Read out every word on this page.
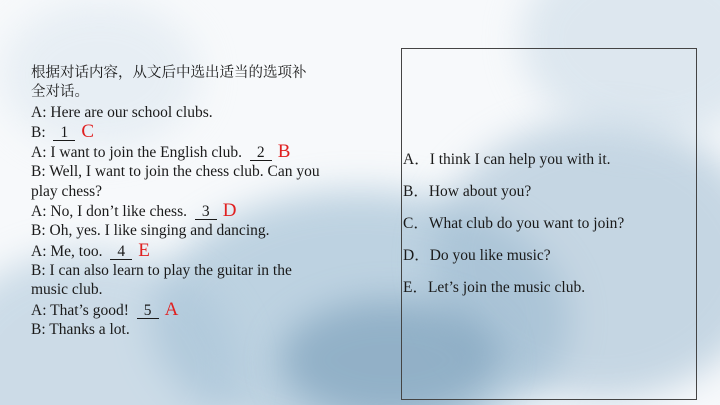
根据对话内容，从文后中选出适当的选项补
全对话。
A: Here are our school clubs.
B:  1 C
A: I want to join the English club.  2 B
B: Well, I want to join the chess club. Can you
play chess?
A: No, I don’t like chess.  3 D
B: Oh, yes. I like singing and dancing.
A: Me, too.  4 E
B: I can also learn to play the guitar in the
music club.
A: That’s good!  5 A
B: Thanks a lot.
A．I think I can help you with it.
B．How about you?
C．What club do you want to join?
D．Do you like music?
E．Let’s join the music club.
